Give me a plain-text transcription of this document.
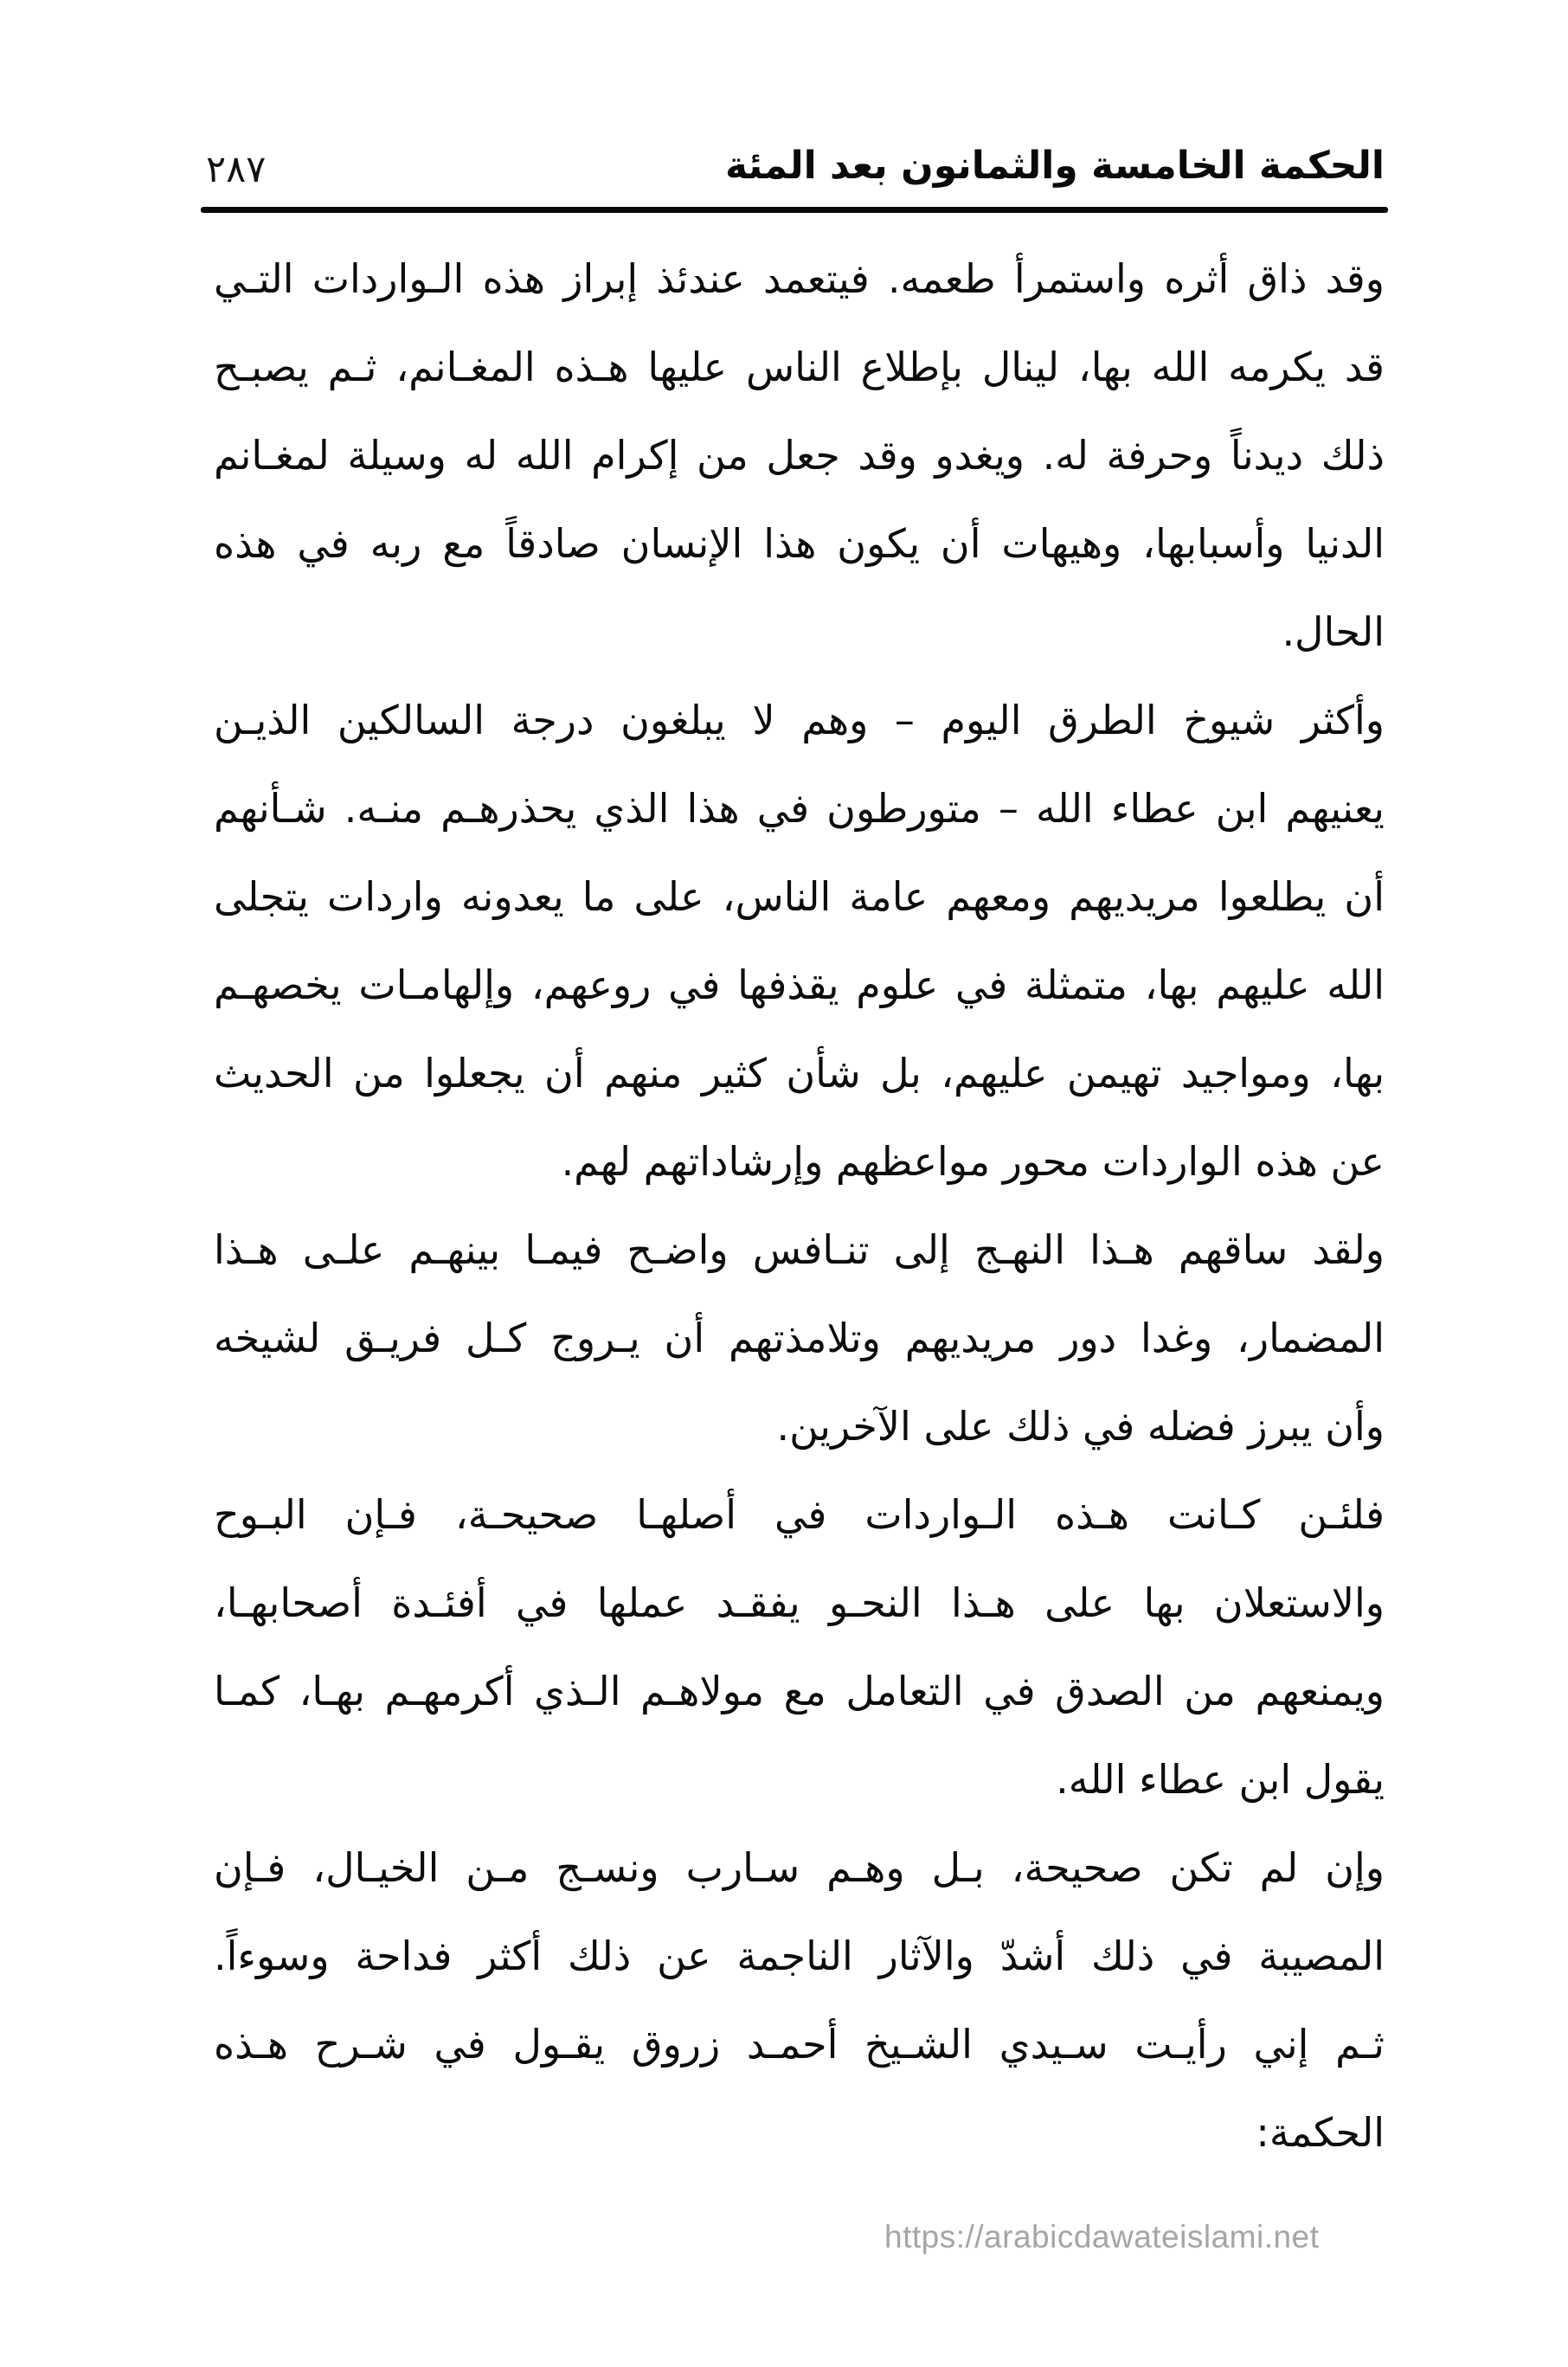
٢٨٧	الحكمة الخامسة والثمانون بعد المئة
وقد ذاق أثره واستمرأ طعمه. فيتعمد عندئذ إبراز هذه الـواردات التـي
قد يكرمه الله بها، لينال بإطلاع الناس عليها هـذه المغـانم، ثـم يصبـح
ذلك ديدناً وحرفة له. ويغدو وقد جعل من إكرام الله له وسيلة لمغـانم
الدنيا وأسبابها، وهيهات أن يكون هذا الإنسان صادقاً مع ربه في هذه
الحال.
وأكثر شيوخ الطرق اليوم – وهم لا يبلغون درجة السالكين الذيـن
يعنيهم ابن عطاء الله – متورطون في هذا الذي يحذرهـم منـه. شـأنهم
أن يطلعوا مريديهم ومعهم عامة الناس، على ما يعدونه واردات يتجلى
الله عليهم بها، متمثلة في علوم يقذفها في روعهم، وإلهامـات يخصهـم
بها، ومواجيد تهيمن عليهم، بل شأن كثير منهم أن يجعلوا من الحديث
عن هذه الواردات محور مواعظهم وإرشاداتهم لهم.
ولقد ساقهم هـذا النهـج إلى تنـافس واضـح فيمـا بينهـم علـى هـذا
المضمار، وغدا دور مريديهم وتلامذتهم أن يـروج كـل فريـق لشيخه
وأن يبرز فضله في ذلك على الآخرين.
فلئـن كـانت هـذه الـواردات في أصلهـا صحيحـة، فـإن البـوح
والاستعلان بها على هـذا النحـو يفقـد عملها في أفئـدة أصحابهـا،
ويمنعهم من الصدق في التعامل مع مولاهـم الـذي أكرمهـم بهـا، كمـا
يقول ابن عطاء الله.
وإن لم تكن صحيحة، بـل وهـم سـارب ونسـج مـن الخيـال، فـإن
المصيبة في ذلك أشدّ والآثار الناجمة عن ذلك أكثر فداحة وسوءاً.
ثـم إني رأيـت سـيدي الشـيخ أحمـد زروق يقـول في شـرح هـذه
الحكمة:
https://arabicdawateislami.net
